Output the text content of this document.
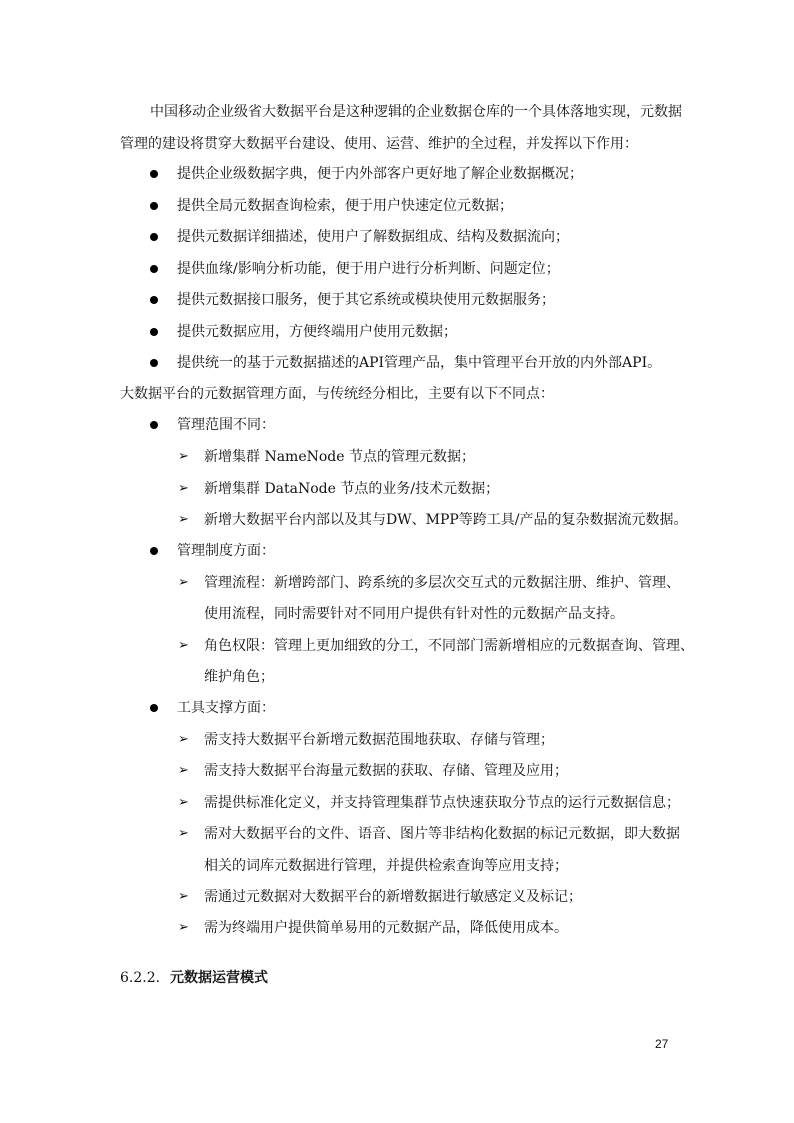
中国移动企业级省大数据平台是这种逻辑的企业数据仓库的一个具体落地实现，元数据
管理的建设将贯穿大数据平台建设、使用、运营、维护的全过程，并发挥以下作用：
提供企业级数据字典，便于内外部客户更好地了解企业数据概况；
提供全局元数据查询检索，便于用户快速定位元数据；
提供元数据详细描述，使用户了解数据组成、结构及数据流向；
提供血缘/影响分析功能，便于用户进行分析判断、问题定位；
提供元数据接口服务，便于其它系统或模块使用元数据服务；
提供元数据应用，方便终端用户使用元数据；
提供统一的基于元数据描述的API管理产品，集中管理平台开放的内外部API。
大数据平台的元数据管理方面，与传统经分相比，主要有以下不同点：
管理范围不同：
➢ 新增集群 NameNode 节点的管理元数据；
➢ 新增集群 DataNode 节点的业务/技术元数据；
➢ 新增大数据平台内部以及其与DW、MPP等跨工具/产品的复杂数据流元数据。
管理制度方面：
➢ 管理流程：新增跨部门、跨系统的多层次交互式的元数据注册、维护、管理、
使用流程，同时需要针对不同用户提供有针对性的元数据产品支持。
➢ 角色权限：管理上更加细致的分工，不同部门需新增相应的元数据查询、管理、
维护角色；
工具支撑方面：
➢ 需支持大数据平台新增元数据范围地获取、存储与管理；
➢ 需支持大数据平台海量元数据的获取、存储、管理及应用；
➢ 需提供标准化定义，并支持管理集群节点快速获取分节点的运行元数据信息；
➢ 需对大数据平台的文件、语音、图片等非结构化数据的标记元数据，即大数据
相关的词库元数据进行管理，并提供检索查询等应用支持；
➢ 需通过元数据对大数据平台的新增数据进行敏感定义及标记；
➢ 需为终端用户提供简单易用的元数据产品，降低使用成本。
6.2.2. 元数据运营模式
27
